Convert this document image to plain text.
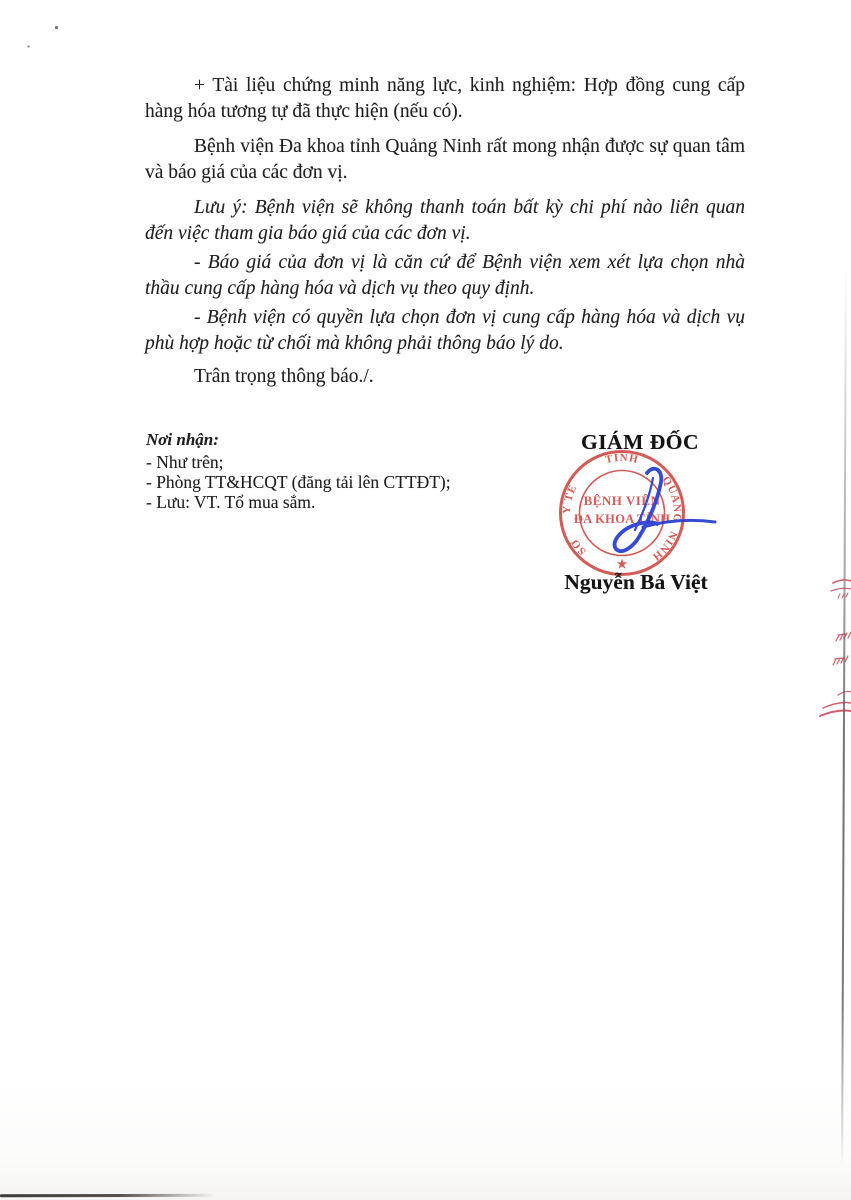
+ Tài liệu chứng minh năng lực, kinh nghiệm: Hợp đồng cung cấp hàng hóa tương tự đã thực hiện (nếu có).

Bệnh viện Đa khoa tỉnh Quảng Ninh rất mong nhận được sự quan tâm và báo giá của các đơn vị.

Lưu ý: Bệnh viện sẽ không thanh toán bất kỳ chi phí nào liên quan đến việc tham gia báo giá của các đơn vị.

- Báo giá của đơn vị là căn cứ để Bệnh viện xem xét lựa chọn nhà thầu cung cấp hàng hóa và dịch vụ theo quy định.

- Bệnh viện có quyền lựa chọn đơn vị cung cấp hàng hóa và dịch vụ phù hợp hoặc từ chối mà không phải thông báo lý do.

Trân trọng thông báo./.

Nơi nhận:

- Như trên;
- Phòng TT&HCQT (đăng tải lên CTTĐT);
- Lưu: VT. Tổ mua sắm.
GIÁM ĐỐC
SỞ
Y TẾ
TỈNH
QUẢNG
NINH
BỆNH VIỆN
ĐA KHOA TỈNH
★
Nguyễn Bá Việt
